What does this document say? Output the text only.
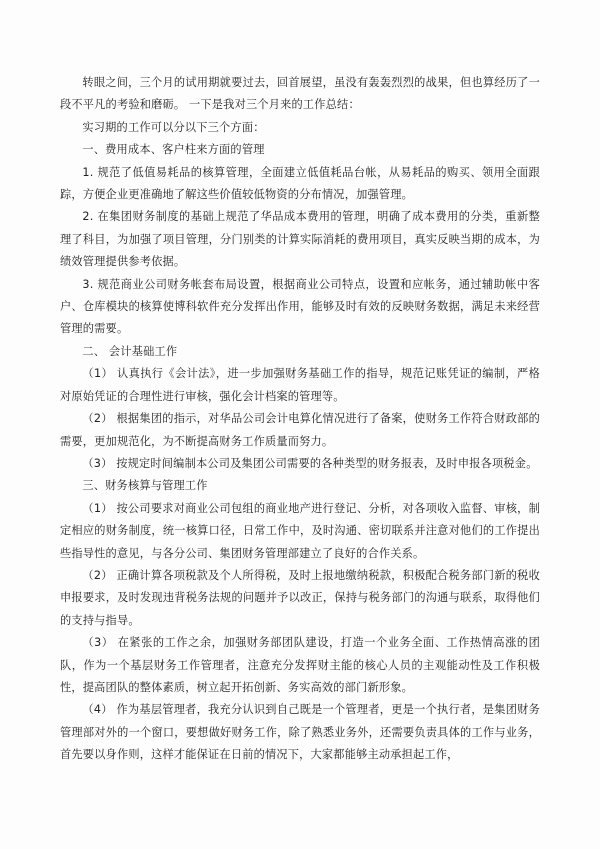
转眼之间，三个月的试用期就要过去，回首展望，虽没有轰轰烈烈的战果，但也算经历了一段不平凡的考验和磨砺。 一下是我对三个月来的工作总结：

实习期的工作可以分以下三个方面：

一、费用成本、客户柱来方面的管理

1. 规范了低值易耗品的核算管理，全面建立低值耗品台帐，从易耗品的购买、领用全面跟踪，方便企业更准确地了解这些价值较低物资的分布情况，加强管理。

2. 在集团财务制度的基础上规范了华品成本费用的管理，明确了成本费用的分类，重新整理了科目，为加强了项目管理，分门别类的计算实际消耗的费用项目，真实反映当期的成本，为绩效管理提供参考依据。

3. 规范商业公司财务帐套布局设置，根据商业公司特点，设置和应帐务，通过辅助帐中客户、仓库模块的核算使博科软件充分发挥出作用，能够及时有效的反映财务数据，满足未来经营管理的需要。

二、 会计基础工作

（1） 认真执行《会计法》，进一步加强财务基础工作的指导，规范记账凭证的编制，严格对原始凭证的合理性进行审核，强化会计档案的管理等。

（2） 根据集团的指示，对华品公司会计电算化情况进行了备案，使财务工作符合财政部的需要，更加规范化，为不断提高财务工作质量而努力。

（3） 按规定时间编制本公司及集团公司需要的各种类型的财务报表，及时申报各项税金。

三、财务核算与管理工作

（1） 按公司要求对商业公司包组的商业地产进行登记、分析，对各项收入监督、审核，制定相应的财务制度，统一核算口径，日常工作中，及时沟通、密切联系并注意对他们的工作提出些指导性的意见，与各分公司、集团财务管理部建立了良好的合作关系。

（2） 正确计算各项税款及个人所得税，及时上报地缴纳税款，积极配合税务部门新的税收申报要求，及时发现违背税务法规的问题并予以改正，保持与税务部门的沟通与联系，取得他们的支持与指导。

（3） 在紧张的工作之余，加强财务部团队建设，打造一个业务全面、工作热情高涨的团队，作为一个基层财务工作管理者，注意充分发挥财主能的核心人员的主观能动性及工作积极性，提高团队的整体素质，树立起开拓创新、务实高效的部门新形象。

（4） 作为基层管理者，我充分认识到自己既是一个管理者，更是一个执行者，是集团财务管理部对外的一个窗口，要想做好财务工作，除了熟悉业务外，还需要负责具体的工作与业务，首先要以身作则，这样才能保证在日前的情况下，大家都能够主动承担起工作，
